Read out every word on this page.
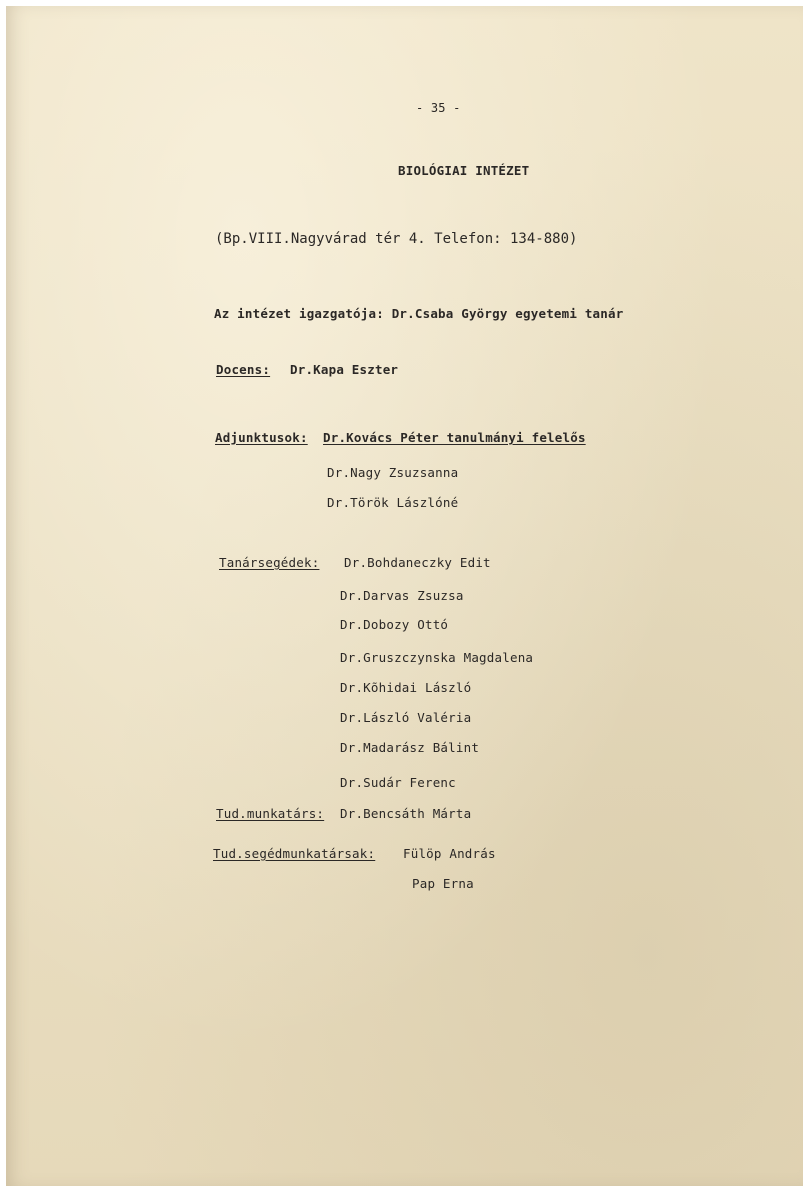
- 35 -
BIOLÓGIAI INTÉZET
(Bp.VIII.Nagyvárad tér 4. Telefon: 134-880)
Az intézet igazgatója: Dr.Csaba György egyetemi tanár
Docens: Dr.Kapa Eszter
Adjunktusok: Dr.Kovács Péter tanulmányi felelős
Dr.Nagy Zsuzsanna
Dr.Török Lászlóné
Tanársegédek: Dr.Bohdaneczky Edit
Dr.Darvas Zsuzsa
Dr.Dobozy Ottó
Dr.Gruszczynska Magdalena
Dr.Kõhidai László
Dr.László Valéria
Dr.Madarász Bálint
Dr.Sudár Ferenc
Tud.munkatárs: Dr.Bencsáth Márta
Tud.segédmunkatársak: Fülöp András
Pap Erna
